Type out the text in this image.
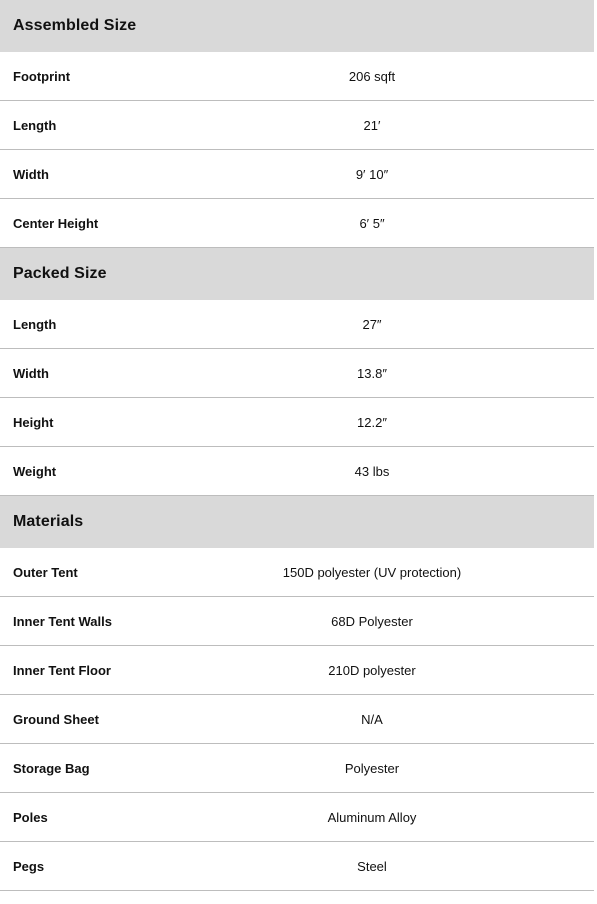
Assembled Size
Footprint	206 sqft
Length	21′
Width	9′ 10″
Center Height	6′ 5″
Packed Size
Length	27″
Width	13.8″
Height	12.2″
Weight	43 lbs
Materials
Outer Tent	150D polyester (UV protection)
Inner Tent Walls	68D Polyester
Inner Tent Floor	210D polyester
Ground Sheet	N/A
Storage Bag	Polyester
Poles	Aluminum Alloy
Pegs	Steel
